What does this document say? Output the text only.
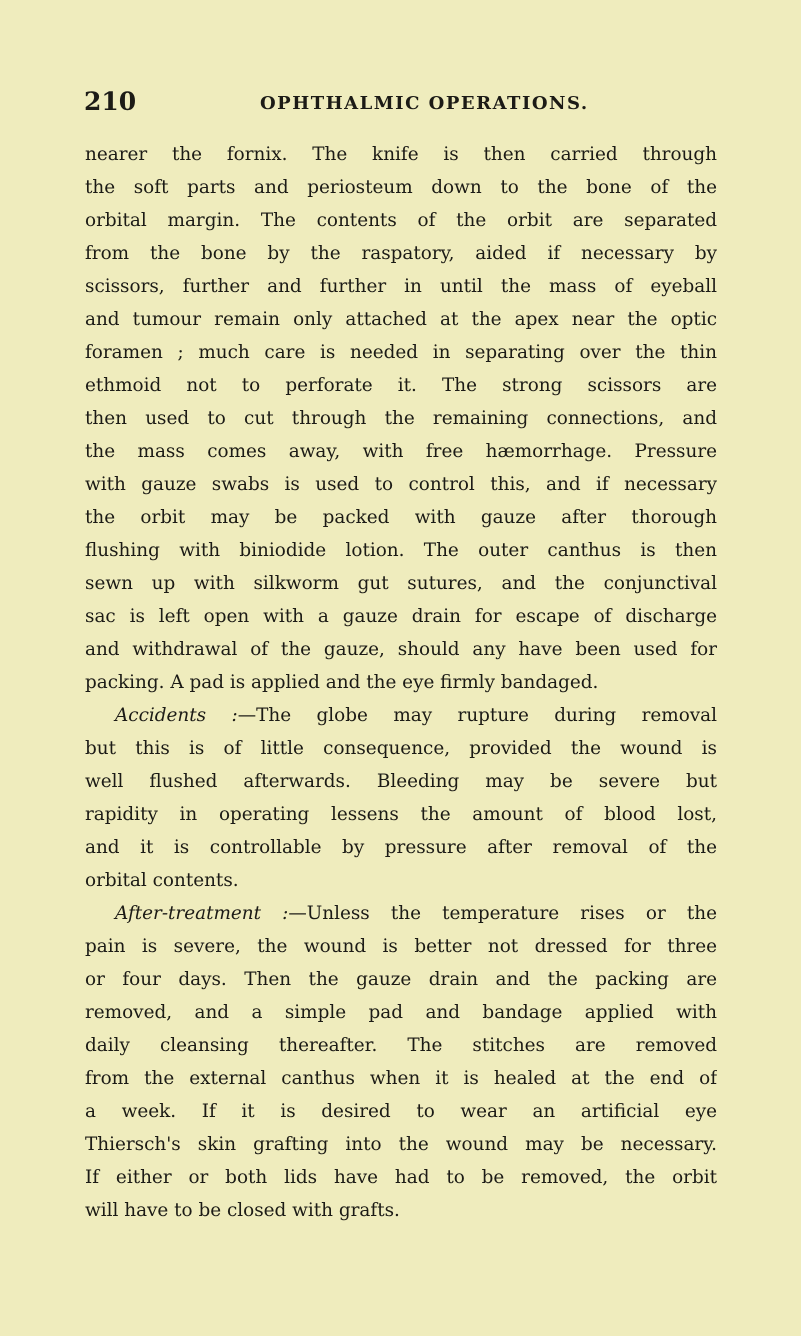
210	OPHTHALMIC OPERATIONS.
nearer the fornix. The knife is then carried through
the soft parts and periosteum down to the bone of the
orbital margin. The contents of the orbit are separated
from the bone by the raspatory, aided if necessary by
scissors, further and further in until the mass of eyeball
and tumour remain only attached at the apex near the optic
foramen ; much care is needed in separating over the thin
ethmoid not to perforate it. The strong scissors are
then used to cut through the remaining connections, and
the mass comes away, with free hæmorrhage. Pressure
with gauze swabs is used to control this, and if necessary
the orbit may be packed with gauze after thorough
flushing with biniodide lotion. The outer canthus is then
sewn up with silkworm gut sutures, and the conjunctival
sac is left open with a gauze drain for escape of discharge
and withdrawal of the gauze, should any have been used for
packing. A pad is applied and the eye firmly bandaged.
Accidents :—The globe may rupture during removal
but this is of little consequence, provided the wound is
well flushed afterwards. Bleeding may be severe but
rapidity in operating lessens the amount of blood lost,
and it is controllable by pressure after removal of the
orbital contents.
After-treatment :—Unless the temperature rises or the
pain is severe, the wound is better not dressed for three
or four days. Then the gauze drain and the packing are
removed, and a simple pad and bandage applied with
daily cleansing thereafter. The stitches are removed
from the external canthus when it is healed at the end of
a week. If it is desired to wear an artificial eye
Thiersch's skin grafting into the wound may be necessary.
If either or both lids have had to be removed, the orbit
will have to be closed with grafts.
